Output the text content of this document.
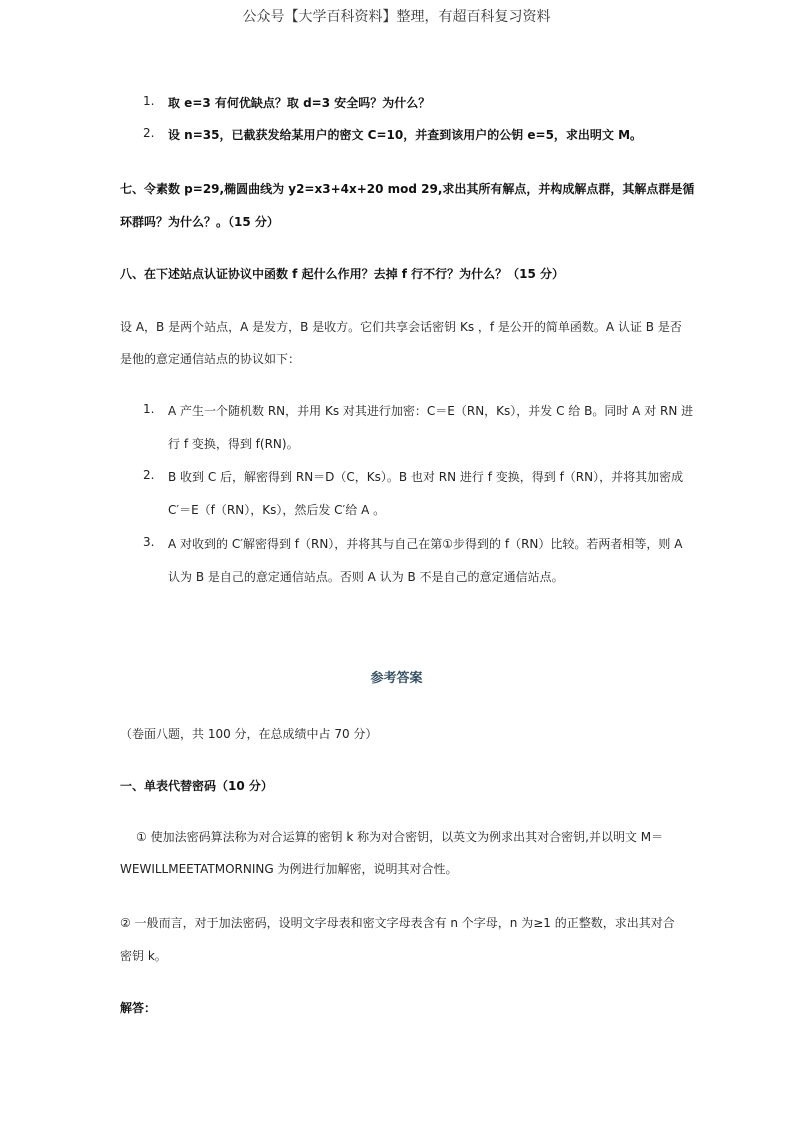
公众号【大学百科资料】整理，有超百科复习资料
1. 取 e=3 有何优缺点？取 d=3 安全吗？为什么？
2. 设 n=35，已截获发给某用户的密文 C=10，并查到该用户的公钥 e=5，求出明文 M。
七、令素数 p=29,椭圆曲线为 y2=x3+4x+20 mod 29,求出其所有解点，并构成解点群，其解点群是循
环群吗？为什么？。（15 分）
八、在下述站点认证协议中函数 f 起什么作用？去掉 f 行不行？为什么？（15 分）
设 A，B 是两个站点，A 是发方，B 是收方。它们共享会话密钥 Ks ，f 是公开的简单函数。A 认证 B 是否
是他的意定通信站点的协议如下：
1. A 产生一个随机数 RN，并用 Ks 对其进行加密：C＝E（RN，Ks），并发 C 给 B。同时 A 对 RN 进
行 f 变换，得到 f(RN)。
2. B 收到 C 后，解密得到 RN＝D（C，Ks）。B 也对 RN 进行 f 变换，得到 f（RN），并将其加密成
C′＝E（f（RN），Ks），然后发 C′给 A 。
3. A 对收到的 C′解密得到 f（RN），并将其与自己在第①步得到的 f（RN）比较。若两者相等，则 A
认为 B 是自己的意定通信站点。否则 A 认为 B 不是自己的意定通信站点。
参考答案
（卷面八题，共 100 分，在总成绩中占 70 分）
一、单表代替密码（10 分）
① 使加法密码算法称为对合运算的密钥 k 称为对合密钥，以英文为例求出其对合密钥,并以明文 M＝
WEWILLMEETATMORNING 为例进行加解密，说明其对合性。
② 一般而言，对于加法密码，设明文字母表和密文字母表含有 n 个字母，n 为≥1 的正整数，求出其对合
密钥 k。
解答：
